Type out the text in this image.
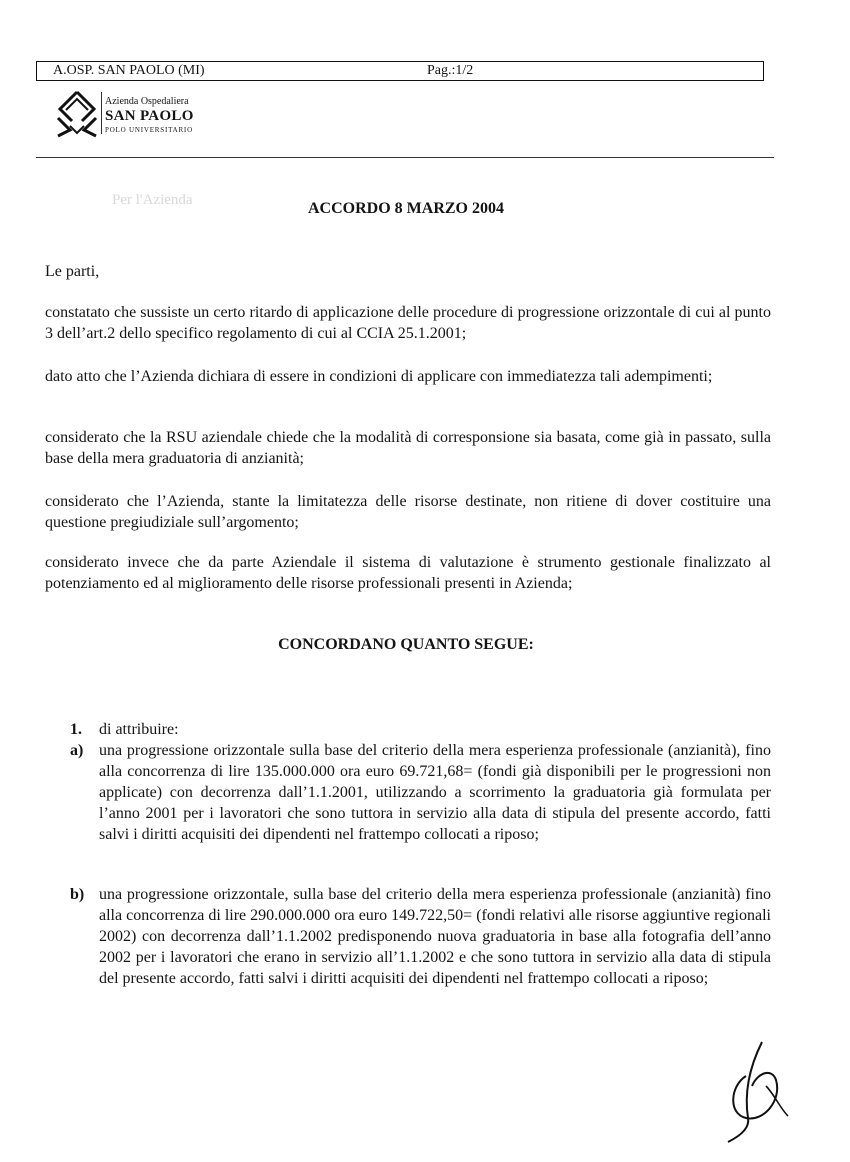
Per l'Azienda
A.OSP. SAN PAOLO (MI)	Pag.:1/2
Azienda Ospedaliera
SAN PAOLO
POLO UNIVERSITARIO
ACCORDO 8 MARZO 2004
Le parti,
constatato che sussiste un certo ritardo di applicazione delle procedure di progressione orizzontale di cui al punto 3 dell’art.2 dello specifico regolamento di cui al CCIA 25.1.2001;
dato atto che l’Azienda dichiara di essere in condizioni di applicare con immediatezza tali adempimenti;
considerato che la RSU aziendale chiede che la modalità di corresponsione sia basata, come già in passato, sulla base della mera graduatoria di anzianità;
considerato che l’Azienda, stante la limitatezza delle risorse destinate, non ritiene di dover costituire una questione pregiudiziale sull’argomento;
considerato invece che da parte Aziendale il sistema di valutazione è strumento gestionale finalizzato al potenziamento ed al miglioramento delle risorse professionali presenti in Azienda;
CONCORDANO QUANTO SEGUE:
1. di attribuire:
a) una progressione orizzontale sulla base del criterio della mera esperienza professionale (anzianità), fino alla concorrenza di lire 135.000.000 ora euro 69.721,68= (fondi già disponibili per le progressioni non applicate) con decorrenza dall’1.1.2001, utilizzando a scorrimento la graduatoria già formulata per l’anno 2001 per i lavoratori che sono tuttora in servizio alla data di stipula del presente accordo, fatti salvi i diritti acquisiti dei dipendenti nel frattempo collocati a riposo;
b) una progressione orizzontale, sulla base del criterio della mera esperienza professionale (anzianità) fino alla concorrenza di lire 290.000.000 ora euro 149.722,50= (fondi relativi alle risorse aggiuntive regionali 2002) con decorrenza dall’1.1.2002 predisponendo nuova graduatoria in base alla fotografia dell’anno 2002 per i lavoratori che erano in servizio all’1.1.2002 e che sono tuttora in servizio alla data di stipula del presente accordo, fatti salvi i diritti acquisiti dei dipendenti nel frattempo collocati a riposo;
